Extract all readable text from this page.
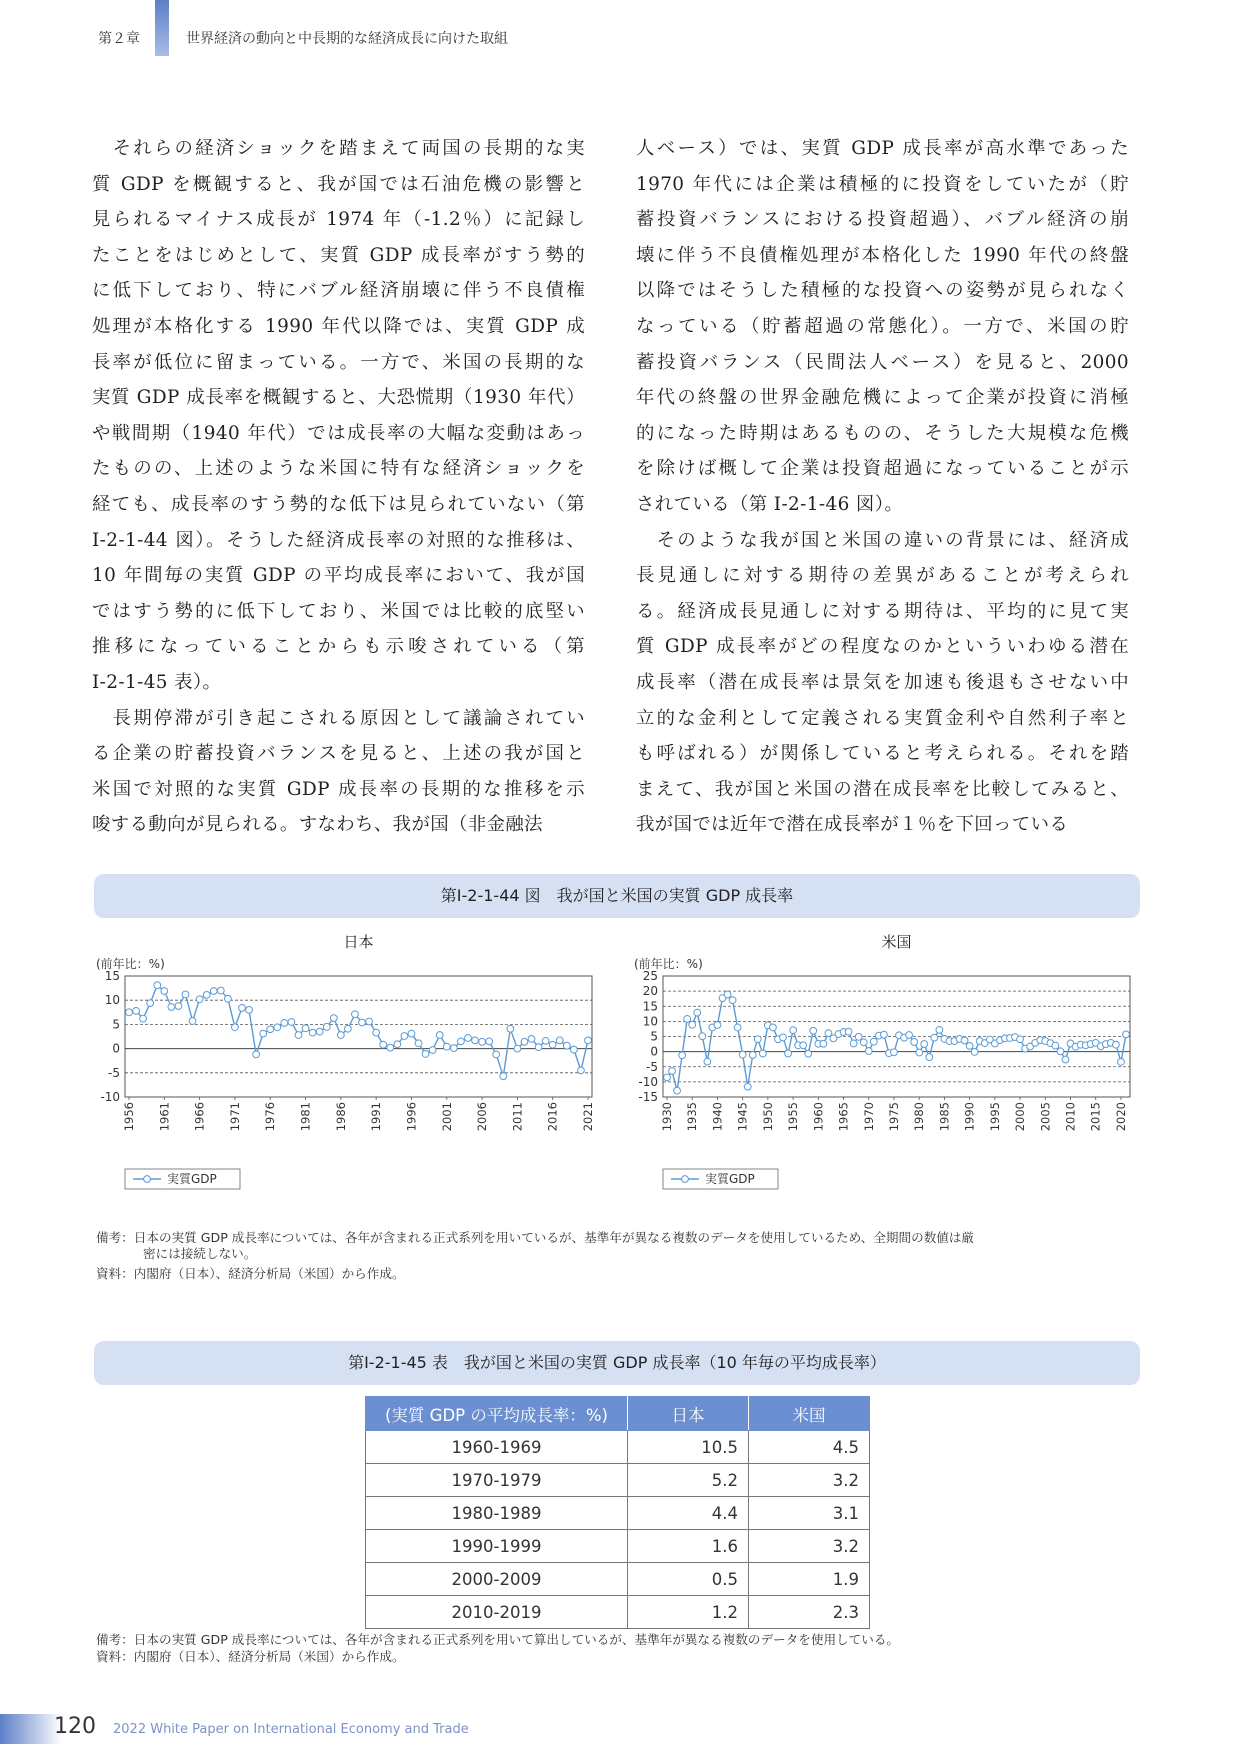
第２章	世界経済の動向と中長期的な経済成長に向けた取組
　それらの経済ショックを踏まえて両国の長期的な実
質 GDP を概観すると、我が国では石油危機の影響と
見られるマイナス成長が 1974 年（-1.2％）に記録し
たことをはじめとして、実質 GDP 成長率がすう勢的
に低下しており、特にバブル経済崩壊に伴う不良債権
処理が本格化する 1990 年代以降では、実質 GDP 成
長率が低位に留まっている。一方で、米国の長期的な
実質 GDP 成長率を概観すると、大恐慌期（1930 年代）
や戦間期（1940 年代）では成長率の大幅な変動はあっ
たものの、上述のような米国に特有な経済ショックを
経ても、成長率のすう勢的な低下は見られていない（第
I-2-1-44 図）。そうした経済成長率の対照的な推移は、
10 年間毎の実質 GDP の平均成長率において、我が国
ではすう勢的に低下しており、米国では比較的底堅い
推移になっていることからも示唆されている（第
I-2-1-45 表）。
　長期停滞が引き起こされる原因として議論されてい
る企業の貯蓄投資バランスを見ると、上述の我が国と
米国で対照的な実質 GDP 成長率の長期的な推移を示
唆する動向が見られる。すなわち、我が国（非金融法
人ベース）では、実質 GDP 成長率が高水準であった
1970 年代には企業は積極的に投資をしていたが（貯
蓄投資バランスにおける投資超過）、バブル経済の崩
壊に伴う不良債権処理が本格化した 1990 年代の終盤
以降ではそうした積極的な投資への姿勢が見られなく
なっている（貯蓄超過の常態化）。一方で、米国の貯
蓄投資バランス（民間法人ベース）を見ると、2000
年代の終盤の世界金融危機によって企業が投資に消極
的になった時期はあるものの、そうした大規模な危機
を除けば概して企業は投資超過になっていることが示
されている（第 I-2-1-46 図）。
　そのような我が国と米国の違いの背景には、経済成
長見通しに対する期待の差異があることが考えられ
る。経済成長見通しに対する期待は、平均的に見て実
質 GDP 成長率がどの程度なのかといういわゆる潜在
成長率（潜在成長率は景気を加速も後退もさせない中
立的な金利として定義される実質金利や自然利子率と
も呼ばれる）が関係していると考えられる。それを踏
まえて、我が国と米国の潜在成長率を比較してみると、
我が国では近年で潜在成長率が１％を下回っている
第Ⅰ-2-1-44 図　我が国と米国の実質 GDP 成長率
日本
(前年比：%)
15
10
5
0
-5
-10
1956 1961 1966 1971 1976 1981 1986 1991 1996 2001 2006 2011 2016 2021
実質GDP
米国
(前年比：%)
25
20
15
10
5
0
-5
-10
-15
1930 1935 1940 1945 1950 1955 1960 1965 1970 1975 1980 1985 1990 1995 2000 2005 2010 2015 2020
実質GDP
備考：日本の実質 GDP 成長率については、各年が含まれる正式系列を用いているが、基準年が異なる複数のデータを使用しているため、全期間の数値は厳
密には接続しない。
資料：内閣府（日本）、経済分析局（米国）から作成。
第Ⅰ-2-1-45 表　我が国と米国の実質 GDP 成長率（10 年毎の平均成長率）
(実質 GDP の平均成長率：%)	日本	米国
1960-1969	10.5	4.5
1970-1979	5.2	3.2
1980-1989	4.4	3.1
1990-1999	1.6	3.2
2000-2009	0.5	1.9
2010-2019	1.2	2.3
備考：日本の実質 GDP 成長率については、各年が含まれる正式系列を用いて算出しているが、基準年が異なる複数のデータを使用している。
資料：内閣府（日本）、経済分析局（米国）から作成。
120 2022 White Paper on International Economy and Trade
